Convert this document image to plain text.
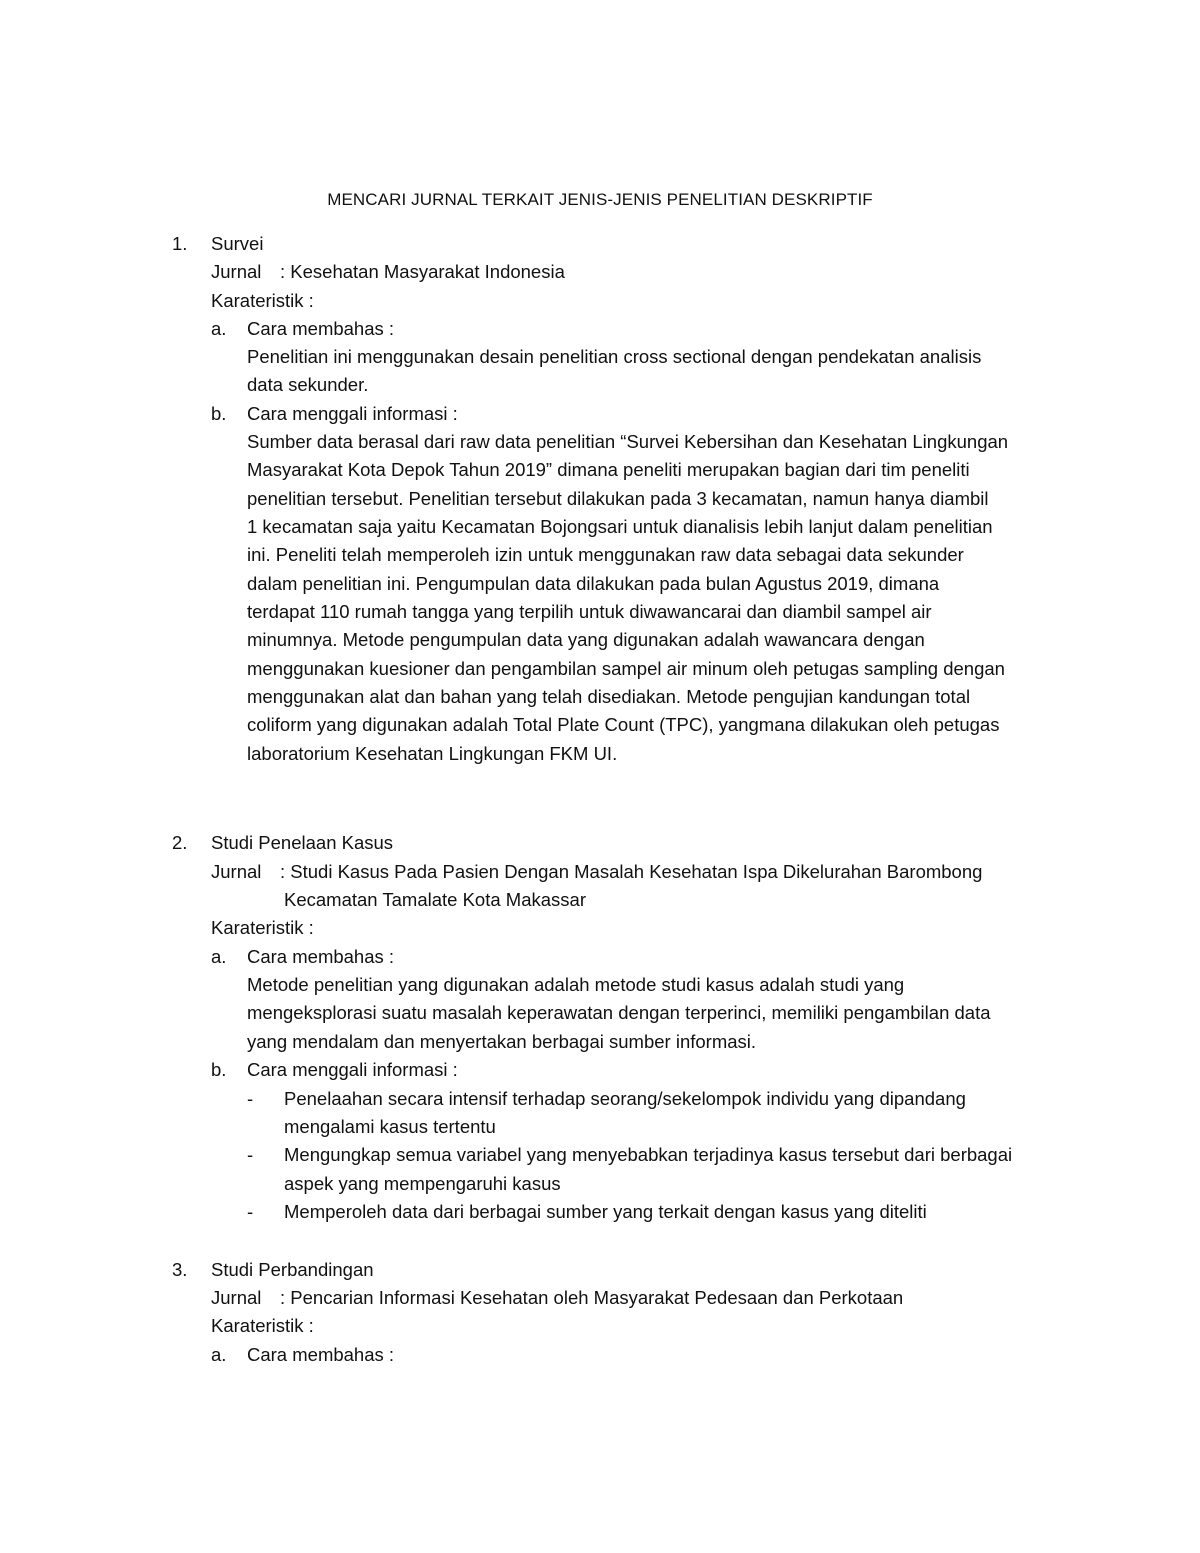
MENCARI JURNAL TERKAIT JENIS-JENIS PENELITIAN DESKRIPTIF
1. Survei
Jurnal : Kesehatan Masyarakat Indonesia
Karateristik :
a. Cara membahas :
Penelitian ini menggunakan desain penelitian cross sectional dengan pendekatan analisis
data sekunder.
b. Cara menggali informasi :
Sumber data berasal dari raw data penelitian “Survei Kebersihan dan Kesehatan Lingkungan
Masyarakat Kota Depok Tahun 2019” dimana peneliti merupakan bagian dari tim peneliti
penelitian tersebut. Penelitian tersebut dilakukan pada 3 kecamatan, namun hanya diambil
1 kecamatan saja yaitu Kecamatan Bojongsari untuk dianalisis lebih lanjut dalam penelitian
ini. Peneliti telah memperoleh izin untuk menggunakan raw data sebagai data sekunder
dalam penelitian ini. Pengumpulan data dilakukan pada bulan Agustus 2019, dimana
terdapat 110 rumah tangga yang terpilih untuk diwawancarai dan diambil sampel air
minumnya. Metode pengumpulan data yang digunakan adalah wawancara dengan
menggunakan kuesioner dan pengambilan sampel air minum oleh petugas sampling dengan
menggunakan alat dan bahan yang telah disediakan. Metode pengujian kandungan total
coliform yang digunakan adalah Total Plate Count (TPC), yangmana dilakukan oleh petugas
laboratorium Kesehatan Lingkungan FKM UI.
2. Studi Penelaan Kasus
Jurnal : Studi Kasus Pada Pasien Dengan Masalah Kesehatan Ispa Dikelurahan Barombong
Kecamatan Tamalate Kota Makassar
Karateristik :
a. Cara membahas :
Metode penelitian yang digunakan adalah metode studi kasus adalah studi yang
mengeksplorasi suatu masalah keperawatan dengan terperinci, memiliki pengambilan data
yang mendalam dan menyertakan berbagai sumber informasi.
b. Cara menggali informasi :
- Penelaahan secara intensif terhadap seorang/sekelompok individu yang dipandang
mengalami kasus tertentu
- Mengungkap semua variabel yang menyebabkan terjadinya kasus tersebut dari berbagai
aspek yang mempengaruhi kasus
- Memperoleh data dari berbagai sumber yang terkait dengan kasus yang diteliti
3. Studi Perbandingan
Jurnal : Pencarian Informasi Kesehatan oleh Masyarakat Pedesaan dan Perkotaan
Karateristik :
a. Cara membahas :
